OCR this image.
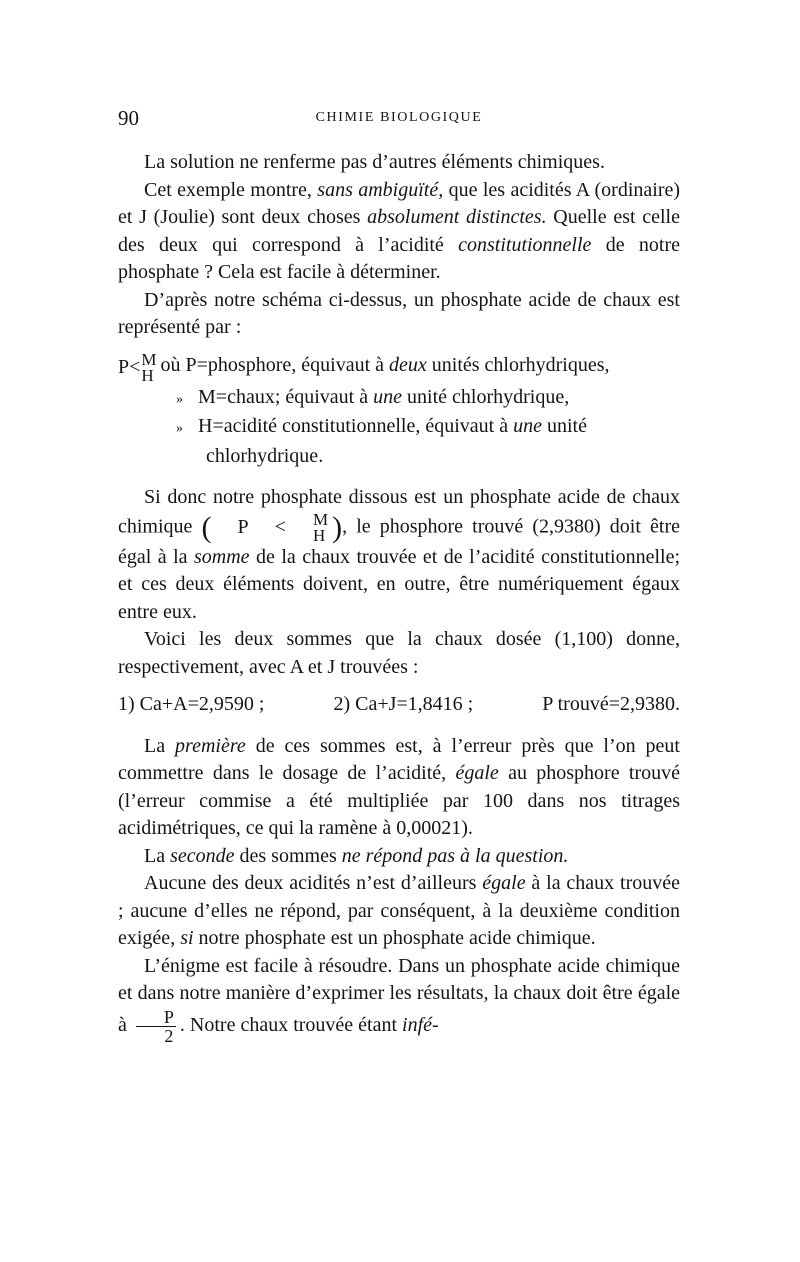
90	CHIMIE BIOLOGIQUE

La solution ne renferme pas d’autres éléments chimiques.

Cet exemple montre, sans ambiguïté, que les acidités A (ordinaire) et J (Joulie) sont deux choses absolument distinctes. Quelle est celle des deux qui correspond à l’acidité constitutionnelle de notre phosphate ? Cela est facile à déterminer.

D’après notre schéma ci-dessus, un phosphate acide de chaux est représenté par :

P < M
H où P=phosphore, équivaut à deux unités chlorhydriques,
» M=chaux; équivaut à une unité chlorhydrique,
» H=acidité constitutionnelle, équivaut à une unité
chlorhydrique.

Si donc notre phosphate dissous est un phosphate acide de chaux chimique (	P	<	M
H ), le phosphore trouvé (2,9380) doit être égal à la somme de la chaux trouvée et de l’acidité constitutionnelle; et ces deux éléments doivent, en outre, être numériquement égaux entre eux.

Voici les deux sommes que la chaux dosée (1,100) donne, respectivement, avec A et J trouvées :

1) Ca+A=2,9590 ;	2) Ca+J=1,8416 ;	P trouvé=2,9380.

La première de ces sommes est, à l’erreur près que l’on peut commettre dans le dosage de l’acidité, égale au phosphore trouvé (l’erreur commise a été multipliée par 100 dans nos titrages acidimétriques, ce qui la ramène à 0,00021).

La seconde des sommes ne répond pas à la question.

Aucune des deux acidités n’est d’ailleurs égale à la chaux trouvée ; aucune d’elles ne répond, par conséquent, à la deuxième condition exigée, si notre phosphate est un phosphate acide chimique.

L’énigme est facile à résoudre. Dans un phosphate acide chimique et dans notre manière d’exprimer les résultats, la chaux doit être égale à $\frac{P}{2}$ . Notre chaux trouvée étant infé-
